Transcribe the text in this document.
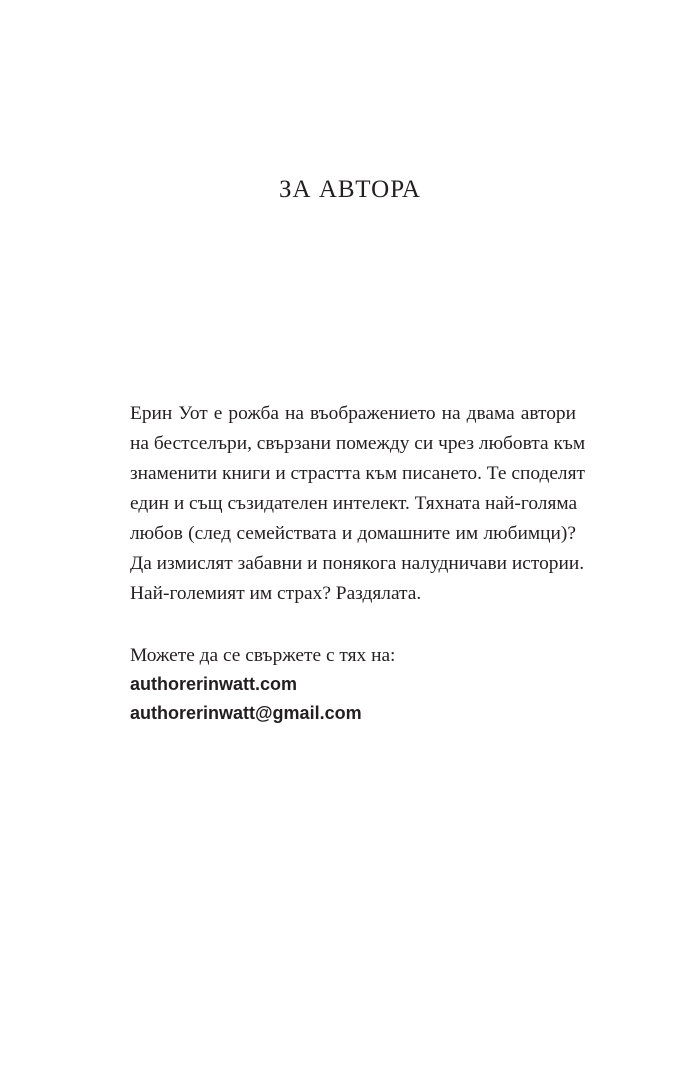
ЗА АВТОРА

Ерин Уот е рожба на въображението на двама автори
на бестселъри, свързани помежду си чрез любовта към
знаменити книги и страстта към писането. Те споделят
един и същ съзидателен интелект. Тяхната най-голяма
любов (след семействата и домашните им любимци)?
Да измислят забавни и понякога налудничави истории.
Най-големият им страх? Раздялата.

Можете да се свържете с тях на:
authorerinwatt.com
authorerinwatt@gmail.com
